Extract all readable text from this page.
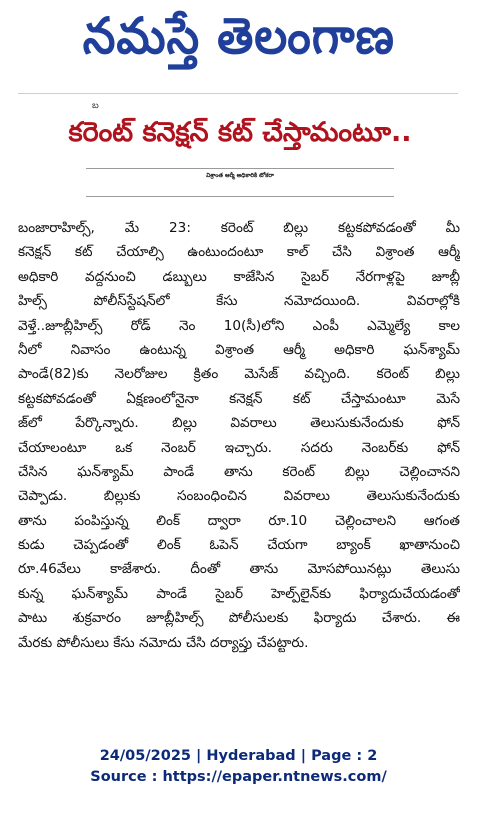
నమస్తే తెలంగాణ
బ
కరెంట్ కనెక్షన్ కట్ చేస్తామంటూ..
విశ్రాంత ఆర్మీ అధికారికి టోకరా
బంజారాహిల్స్, మే 23: కరెంట్ బిల్లు కట్టకపోవడంతో మీ
కనెక్షన్ కట్ చేయాల్సి ఉంటుందంటూ కాల్ చేసి విశ్రాంత ఆర్మీ
అధికారి వద్దనుంచి డబ్బులు కాజేసిన సైబర్ నేరగాళ్లపై జూబ్లీ
హిల్స్ పోలీస్‌స్టేషన్‌లో కేసు నమోదయింది. వివరాల్లోకి
వెళ్తే..జూబ్లీహిల్స్ రోడ్ నెం 10(సీ)లోని ఎంపీ ఎమ్మెల్యే కాల
నీలో నివాసం ఉంటున్న విశ్రాంత ఆర్మీ అధికారి ఘన్‌శ్యామ్
పాండే(82)కు నెలరోజుల క్రితం మెసేజ్ వచ్చింది. కరెంట్ బిల్లు
కట్టకపోవడంతో ఏక్షణంలోనైనా కనెక్షన్ కట్ చేస్తామంటూ మెసే
జ్‌లో పేర్కొన్నారు. బిల్లు వివరాలు తెలుసుకునేందుకు ఫోన్
చేయాలంటూ ఒక నెంబర్ ఇచ్చారు. సదరు నెంబర్‌కు ఫోన్
చేసిన ఘన్‌శ్యామ్ పాండే తాను కరెంట్ బిల్లు చెల్లించానని
చెప్పాడు. బిల్లుకు సంబంధించిన వివరాలు తెలుసుకునేందుకు
తాను పంపిస్తున్న లింక్ ద్వారా రూ.10 చెల్లించాలని ఆగంత
కుడు చెప్పడంతో లింక్ ఓపెన్ చేయగా బ్యాంక్ ఖాతానుంచి
రూ.46వేలు కాజేశారు. దీంతో తాను మోసపోయినట్లు తెలుసు
కున్న ఘన్‌శ్యామ్ పాండే సైబర్ హెల్ప్‌లైన్‌కు ఫిర్యాదుచేయడంతో
పాటు శుక్రవారం జూబ్లీహిల్స్ పోలీసులకు ఫిర్యాదు చేశారు. ఈ
మేరకు పోలీసులు కేసు నమోదు చేసి దర్యాప్తు చేపట్టారు.
24/05/2025 | Hyderabad | Page : 2
Source : https://epaper.ntnews.com/
